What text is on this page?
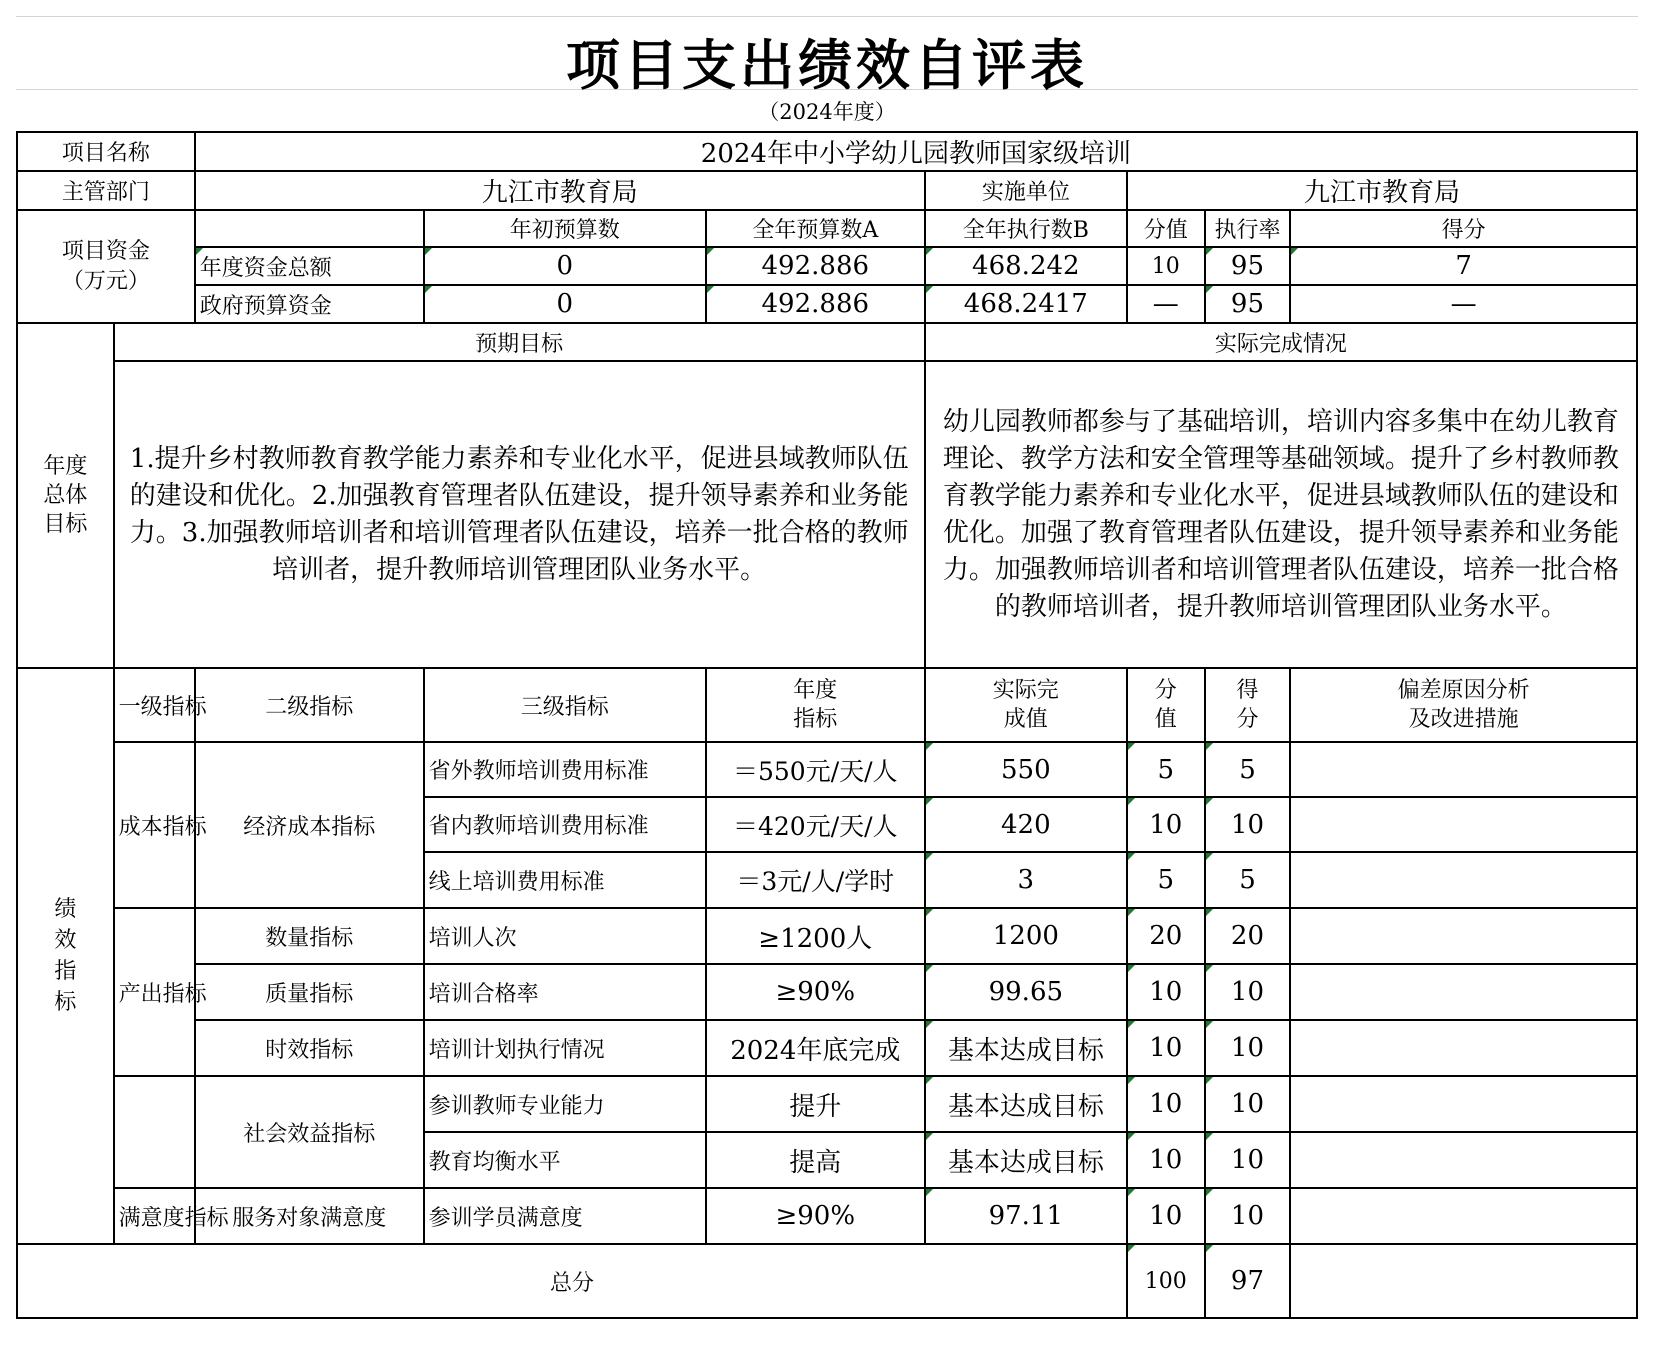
项目支出绩效自评表
（2024年度）
项目名称		2024年中小学幼儿园教师国家级培训						
主管部门		九江市教育局			实施单位	九江市教育局		
项目资金（万元）			年初预算数	全年预算数A	全年执行数B	分值	执行率	得分
		年度资金总额	0	492.886	468.242	10	95	7
		政府预算资金	0	492.886	468.2417	—	95	—
年度总体目标	预期目标				实际完成情况			
	1.提升乡村教师教育教学能力素养和专业化水平，促进县域教师队伍的建设和优化。2.加强教育管理者队伍建设，提升领导素养和业务能力。3.加强教师培训者和培训管理者队伍建设，培养一批合格的教师培训者，提升教师培训管理团队业务水平。				幼儿园教师都参与了基础培训，培训内容多集中在幼儿教育理论、教学方法和安全管理等基础领域。提升了乡村教师教育教学能力素养和专业化水平，促进县域教师队伍的建设和优化。加强了教育管理者队伍建设，提升领导素养和业务能力。加强教师培训者和培训管理者队伍建设，培养一批合格的教师培训者，提升教师培训管理团队业务水平。			
绩效指标	一级指标	二级指标	三级指标	年度指标	实际完成值	分值	得分	偏差原因分析及改进措施
	成本指标	经济成本指标	省外教师培训费用标准	＝550元/天/人	550	5	5	
			省内教师培训费用标准	＝420元/天/人	420	10	10	
			线上培训费用标准	＝3元/人/学时	3	5	5	
	产出指标	数量指标	培训人次	≥1200人	1200	20	20	
		质量指标	培训合格率	≥90%	99.65	10	10	
		时效指标	培训计划执行情况	2024年底完成	基本达成目标	10	10	
		社会效益指标	参训教师专业能力	提升	基本达成目标	10	10	
			教育均衡水平	提高	基本达成目标	10	10	
	满意度指标	服务对象满意度	参训学员满意度	≥90%	97.11	10	10	
总分						100	97	
